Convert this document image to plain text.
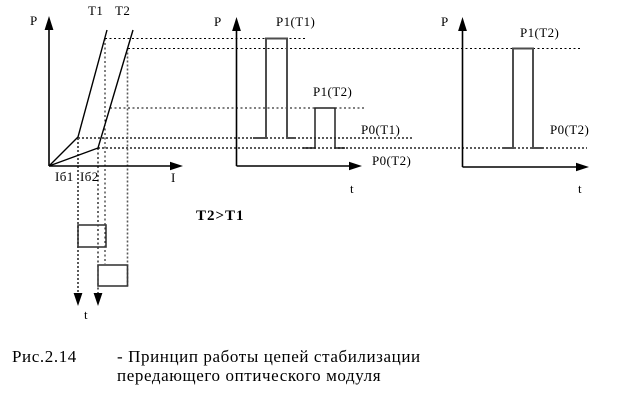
P
T1 T2
I
Iб1 Iб2
t
P	P1(T1)
P1(T2)
P0(T1)
P0(T2)
t
P
P1(T2)
P0(T2)
t
T2>T1
Рис.2.14 - Принцип работы цепей стабилизации
передающего оптического модуля
